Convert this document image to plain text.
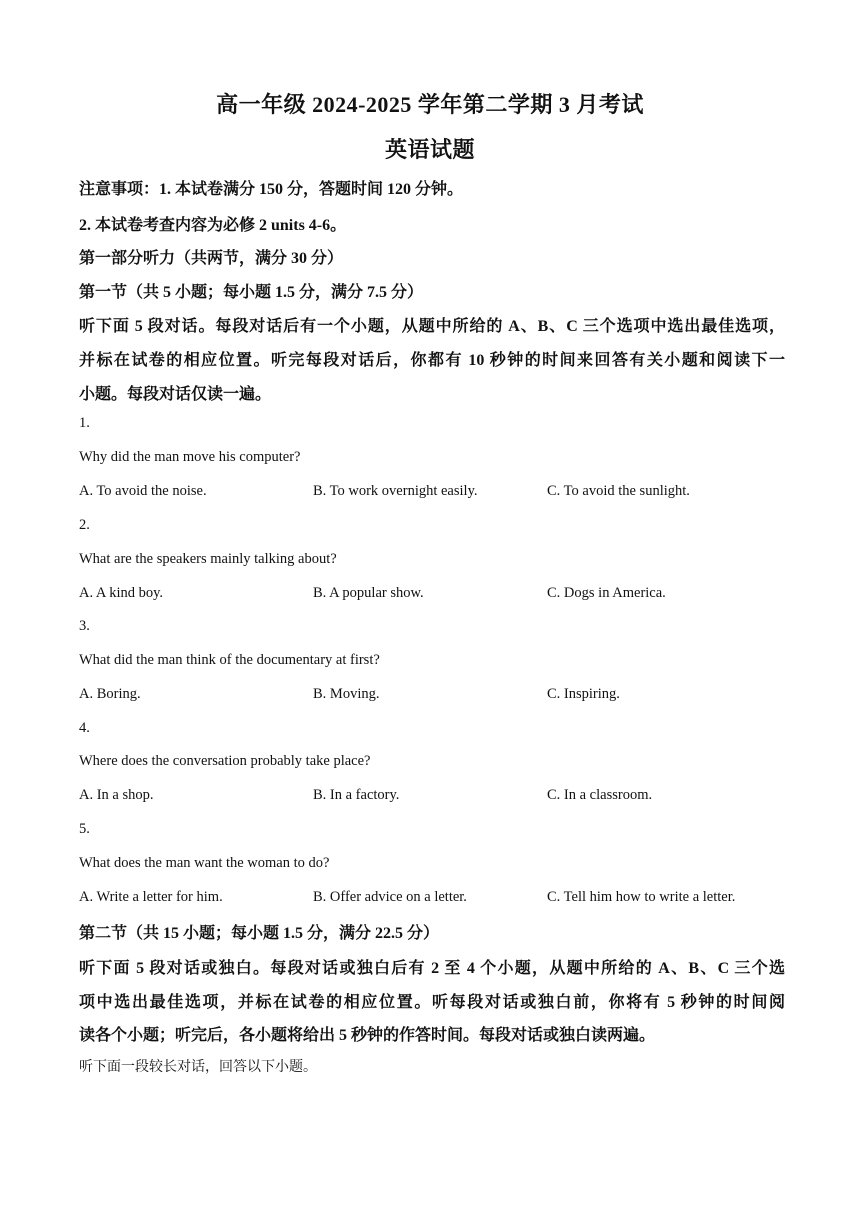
高一年级 2024-2025 学年第二学期 3 月考试
英语试题
注意事项：1. 本试卷满分 150 分，答题时间 120 分钟。
2. 本试卷考查内容为必修 2 units 4-6。
第一部分听力（共两节，满分 30 分）
第一节（共 5 小题；每小题 1.5 分，满分 7.5 分）
听下面 5 段对话。每段对话后有一个小题，从题中所给的 A、B、C 三个选项中选出最佳选项，
并标在试卷的相应位置。听完每段对话后，你都有 10 秒钟的时间来回答有关小题和阅读下一
小题。每段对话仅读一遍。
1.
Why did the man move his computer?
A. To avoid the noise.	B. To work overnight easily.	C. To avoid the sunlight.
2.
What are the speakers mainly talking about?
A. A kind boy.	B. A popular show.	C. Dogs in America.
3.
What did the man think of the documentary at first?
A. Boring.	B. Moving.	C. Inspiring.
4.
Where does the conversation probably take place?
A. In a shop.	B. In a factory.	C. In a classroom.
5.
What does the man want the woman to do?
A. Write a letter for him.	B. Offer advice on a letter.	C. Tell him how to write a letter.
第二节（共 15 小题；每小题 1.5 分，满分 22.5 分）
听下面 5 段对话或独白。每段对话或独白后有 2 至 4 个小题，从题中所给的 A、B、C 三个选
项中选出最佳选项，并标在试卷的相应位置。听每段对话或独白前，你将有 5 秒钟的时间阅
读各个小题；听完后，各小题将给出 5 秒钟的作答时间。每段对话或独白读两遍。
听下面一段较长对话，回答以下小题。
